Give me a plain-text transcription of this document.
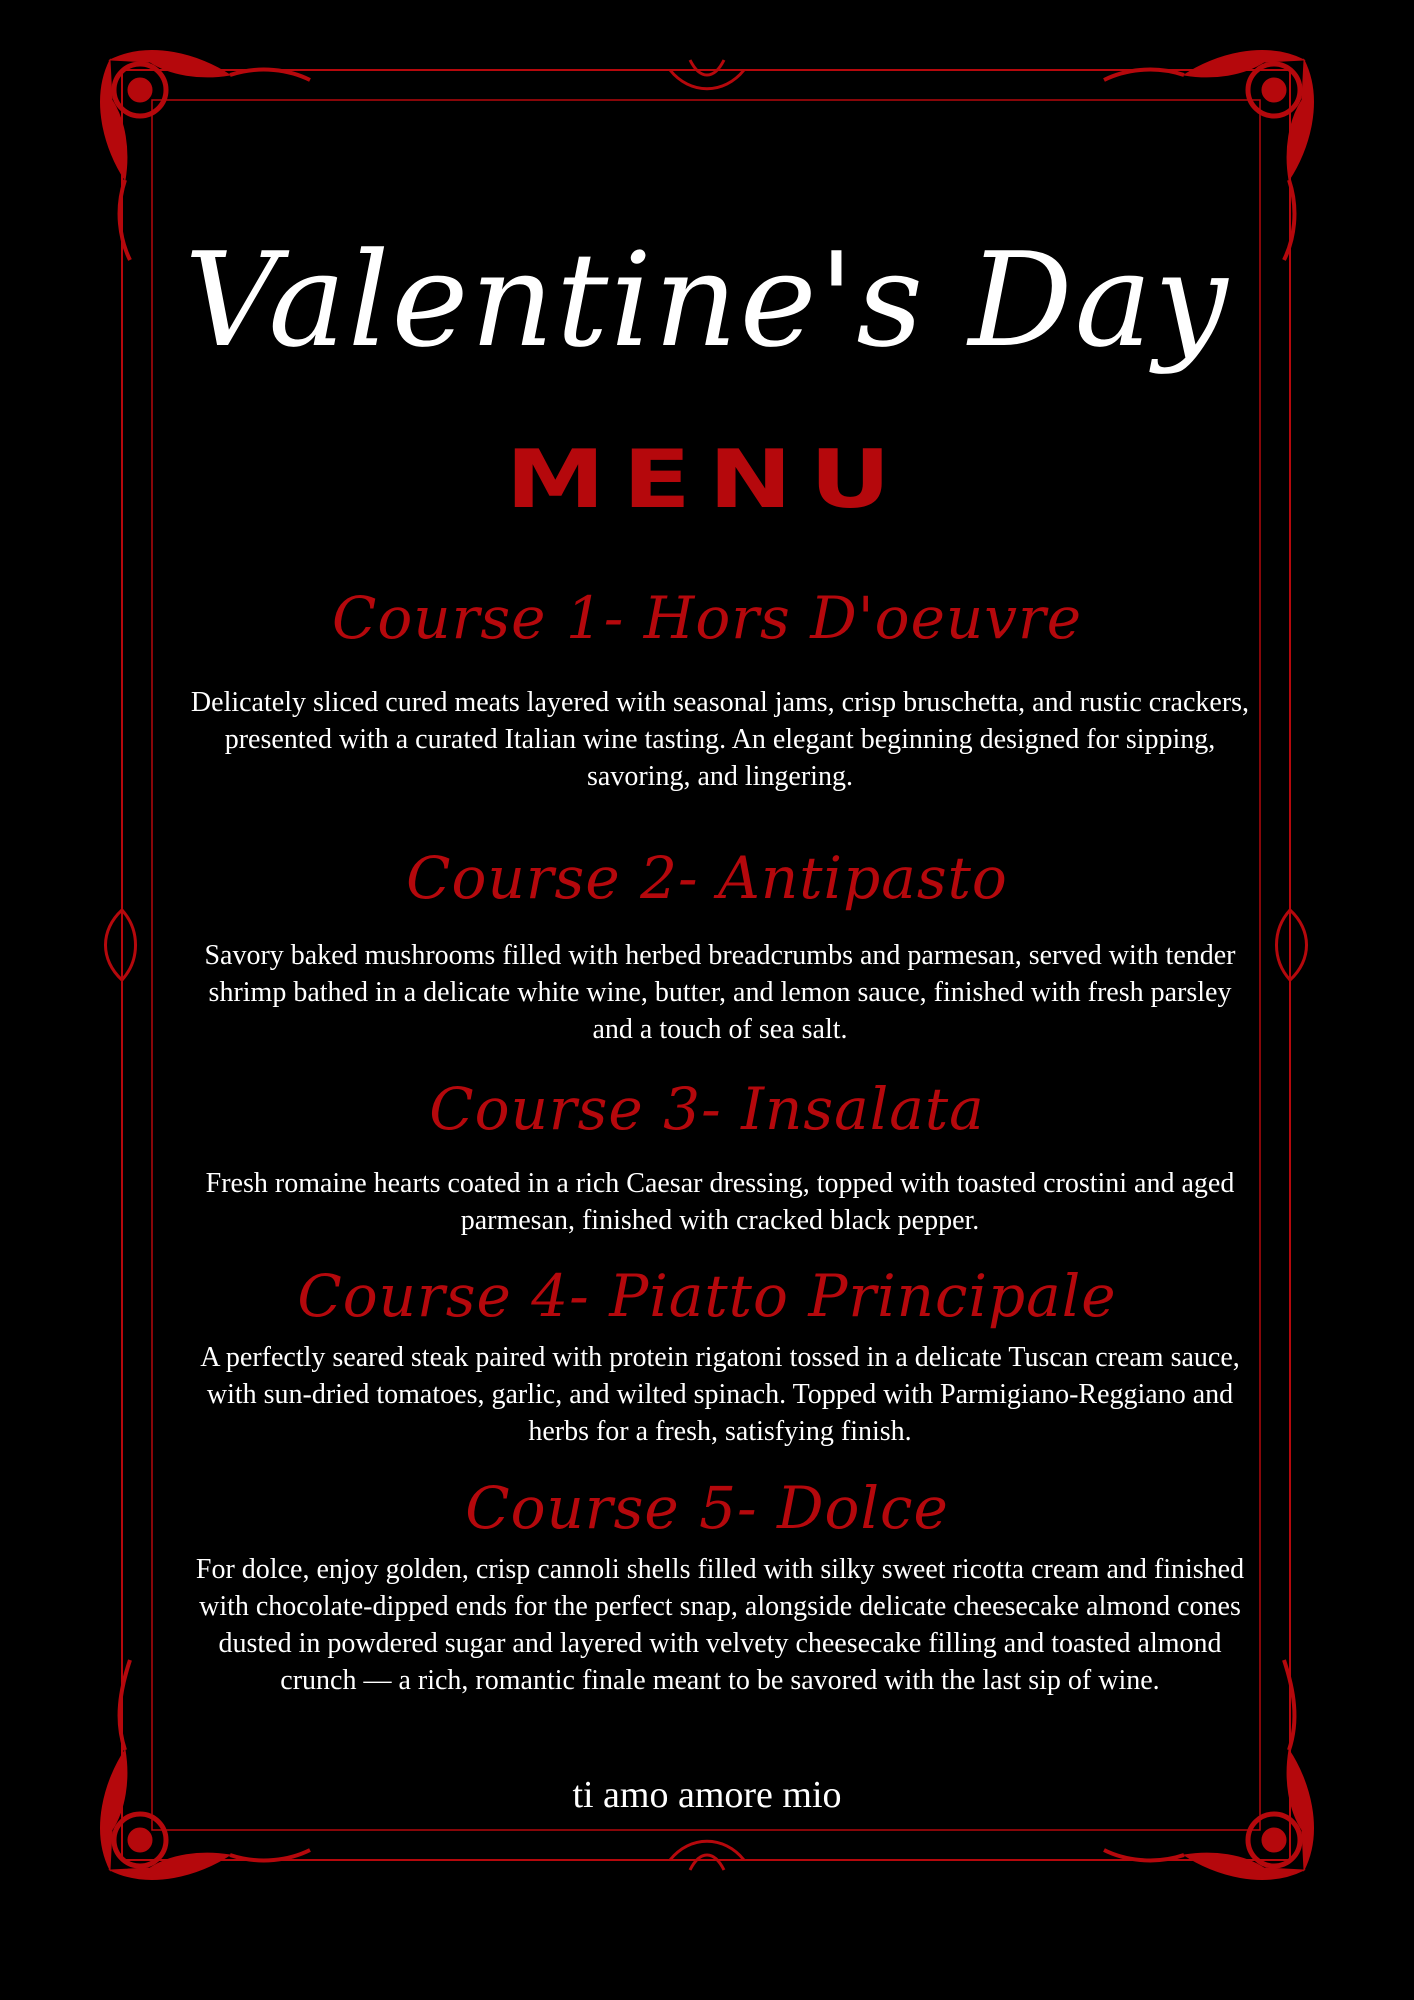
Valentine's Day
MENU
Course 1- Hors D'oeuvre

Delicately sliced cured meats layered with seasonal jams, crisp bruschetta, and rustic crackers, presented with a curated Italian wine tasting. An elegant beginning designed for sipping, savoring, and lingering.

Course 2- Antipasto

Savory baked mushrooms filled with herbed breadcrumbs and parmesan, served with tender shrimp bathed in a delicate white wine, butter, and lemon sauce, finished with fresh parsley and a touch of sea salt.

Course 3- Insalata

Fresh romaine hearts coated in a rich Caesar dressing, topped with toasted crostini and aged parmesan, finished with cracked black pepper.

Course 4- Piatto Principale

A perfectly seared steak paired with protein rigatoni tossed in a delicate Tuscan cream sauce, with sun-dried tomatoes, garlic, and wilted spinach. Topped with Parmigiano-Reggiano and herbs for a fresh, satisfying finish.

Course 5- Dolce

For dolce, enjoy golden, crisp cannoli shells filled with silky sweet ricotta cream and finished with chocolate-dipped ends for the perfect snap, alongside delicate cheesecake almond cones dusted in powdered sugar and layered with velvety cheesecake filling and toasted almond crunch — a rich, romantic finale meant to be savored with the last sip of wine.

ti amo amore mio
